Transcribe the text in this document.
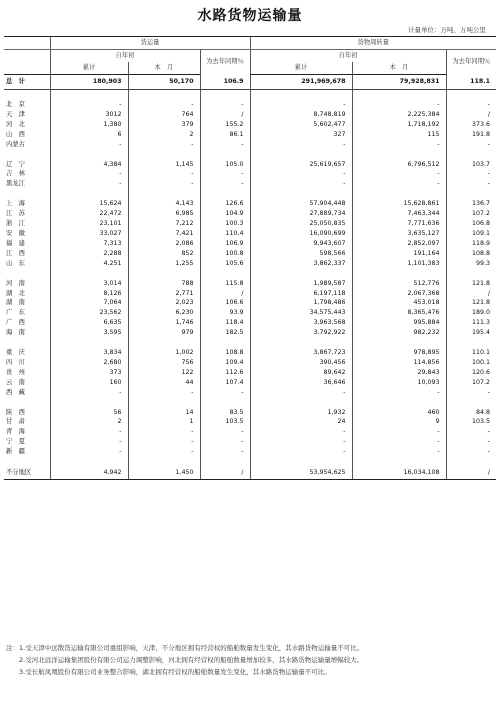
水路货物运输量
计量单位：万吨、万吨公里
	货运量			货物周转量		
	自年初		为去年同期％	自年初		为去年同期％
	累计	本　月		累计	本　月	
总　计	180,903	50,170	106.9	291,969,678	79,928,831	118.1

北　京	-	-	-	-	-	-
天　津	3012	764	/	8,748,819	2,225,384	/
河　北	1,380	379	155.2	5,602,477	1,718,192	373.6
山　西	6	2	86.1	327	115	191.8
内蒙古	-	-	-	-	-	-

辽　宁	4,384	1,145	105.0	25,619,657	6,796,512	103.7
吉　林	-	-	-	-	-	-
黑龙江	-	-	-	-	-	-

上　海	15,624	4,143	126.6	57,904,448	15,628,861	136.7
江　苏	22,472	6,985	104.9	27,889,734	7,463,344	107.2
浙　江	23,101	7,212	100.3	25,050,835	7,771,636	106.8
安　徽	33,027	7,421	110.4	16,090,699	3,635,127	109.1
福　建	7,313	2,086	106.9	9,943,607	2,852,097	118.9
江　西	2,288	852	100.8	598,566	191,164	108.8
山　东	4,251	1,255	105.6	3,862,337	1,101,383	99.3

河　南	3,014	788	115.8	1,989,587	512,776	121.8
湖　北	8,126	2,771	/	6,197,118	2,067,368	/
湖　南	7,064	2,023	106.6	1,798,486	453,018	121.8
广　东	23,562	6,230	93.9	34,575,443	8,365,476	189.0
广　西	6,635	1,746	118.4	3,963,568	995,884	111.3
海　南	3,595	979	182.5	3,792,922	982,232	195.4

重　庆	3,834	1,002	108.8	3,867,723	978,895	110.1
四　川	2,680	756	109.4	390,456	114,856	100.1
贵　州	373	122	112.6	89,642	29,843	120.6
云　南	160	44	107.4	36,646	10,093	107.2
西　藏	-	-	-	-	-	-

陕　西	56	14	83.5	1,932	460	84.8
甘　肃	2	1	103.5	24	9	103.5
青　海	-	-	-	-	-	-
宁　夏	-	-	-	-	-	-
新　疆	-	-	-	-	-	-

不分地区	4,942	1,450	/	53,954,625	16,034,108	/
注：1.受天津中远散货运输有限公司重组影响，天津、不分地区拥有经营权的船舶数量发生变化，其水路货物运输量不可比。
　　2.受河北远洋运输集团股份有限公司运力调整影响，河北拥有经营权的船舶数量增加较多，其水路货物运输量增幅较大。
　　3.受长航凤凰股份有限公司业务整合影响，湖北拥有经营权的船舶数量发生变化，其水路货物运输量不可比。
